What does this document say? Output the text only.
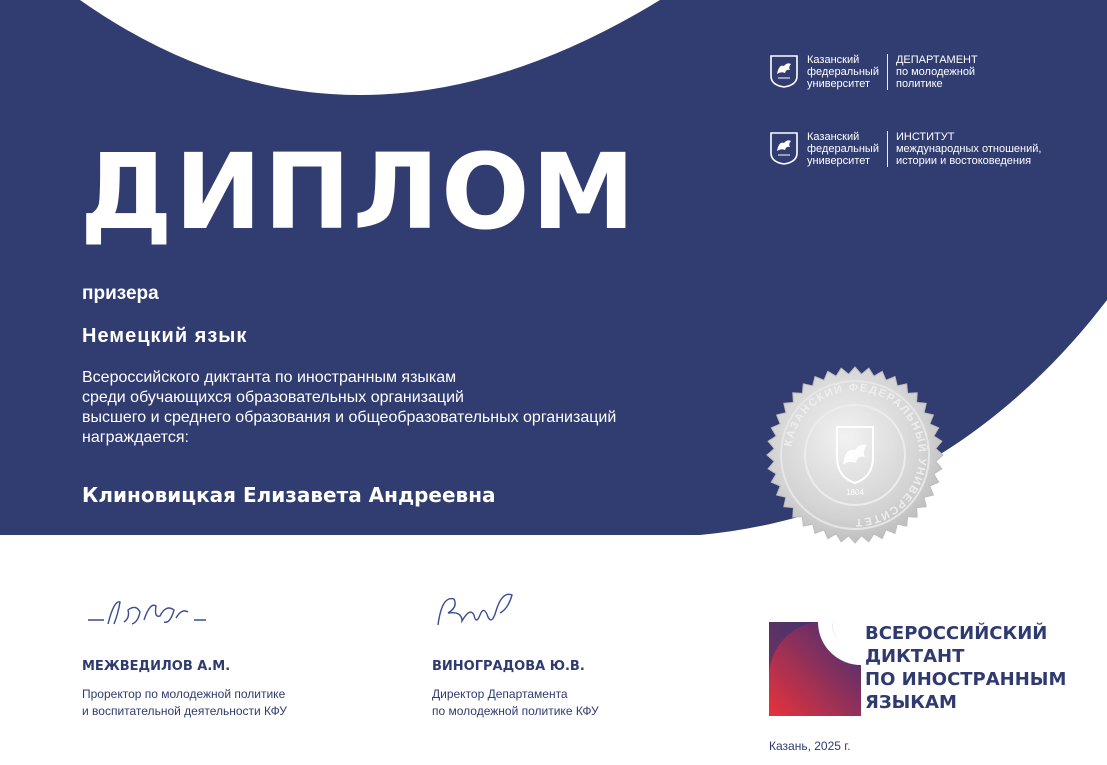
ДИПЛОМ
призера
Немецкий язык
Всероссийского диктанта по иностранным языкам
среди обучающихся образовательных организаций
высшего и среднего образования и общеобразовательных организаций
награждается:
Клиновицкая Елизавета Андреевна
Казанский
федеральный
университет
ДЕПАРТАМЕНТ
по молодежной
политике
Казанский
федеральный
университет
ИНСТИТУТ
международных отношений,
истории и востоковедения
КАЗАНСКИЙ ФЕДЕРАЛЬНЫЙ УНИВЕРСИТЕТ
1804
МЕЖВЕДИЛОВ А.М.
Проректор по молодежной политике
и воспитательной деятельности КФУ
ВИНОГРАДОВА Ю.В.
Директор Департамента
по молодежной политике КФУ
ВСЕРОССИЙСКИЙ
ДИКТАНТ
ПО ИНОСТРАННЫМ
ЯЗЫКАМ
Казань, 2025 г.
